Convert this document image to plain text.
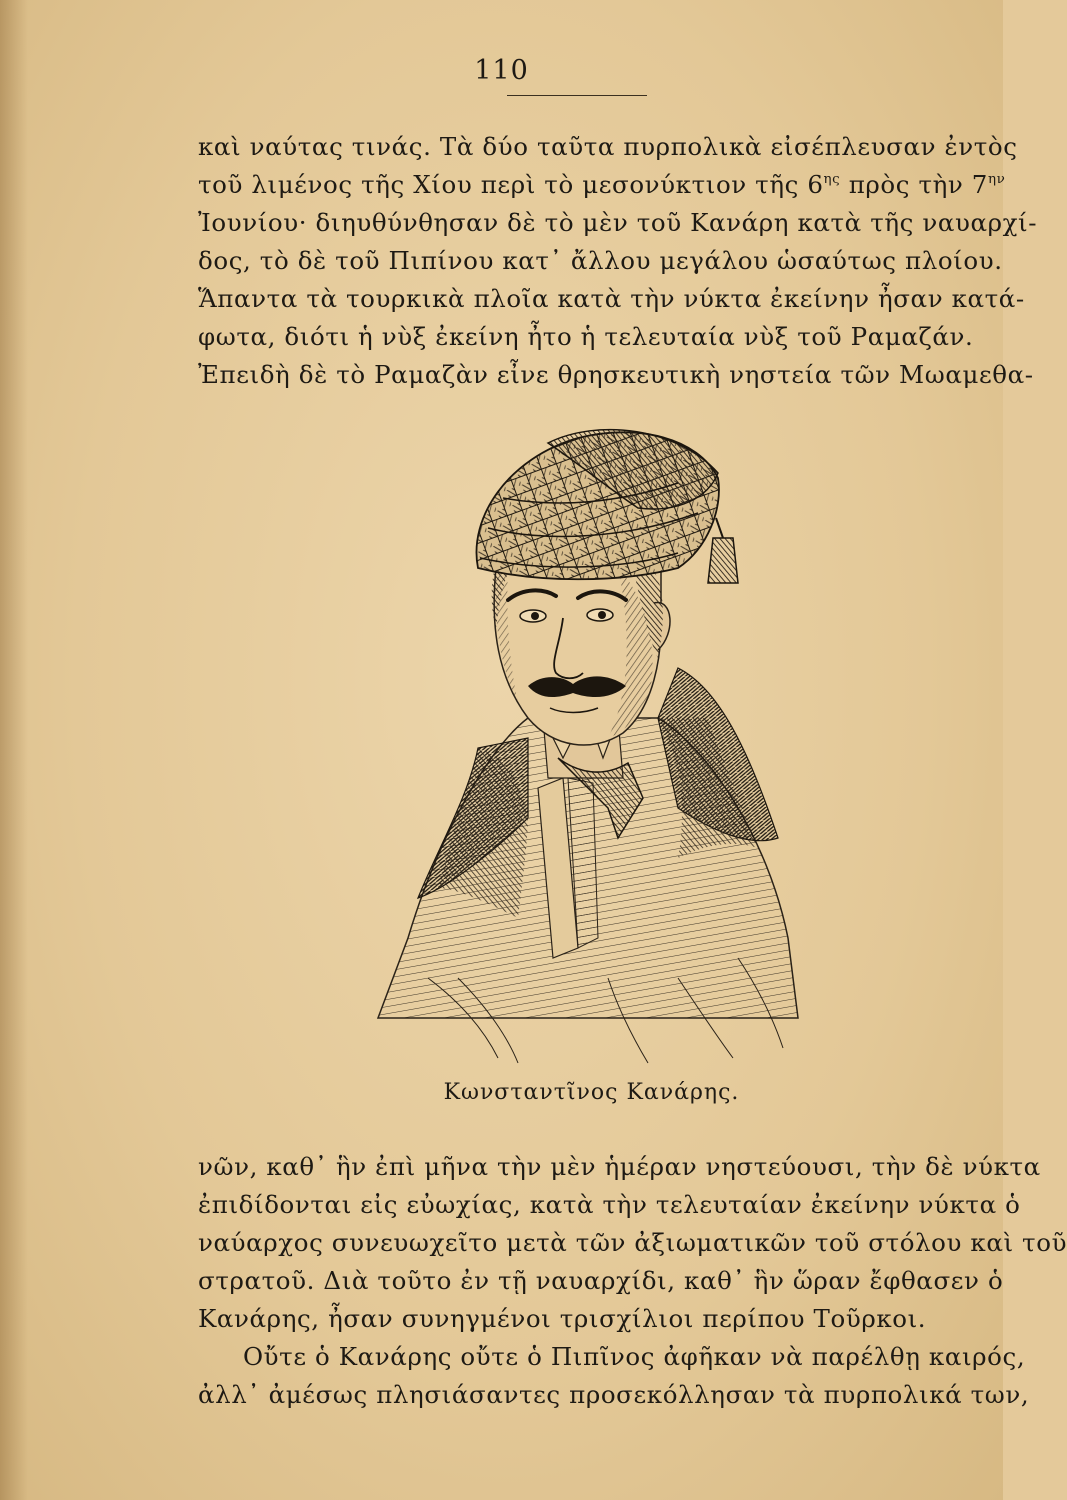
110
καὶ ναύτας τινάς. Τὰ δύο ταῦτα πυρπολικὰ εἰσέπλευσαν ἐντὸς
τοῦ λιμένος τῆς Χίου περὶ τὸ μεσονύκτιον τῆς $6^{\eta\varsigma}$ πρὸς τὴν $7^{\eta\nu}$
Ἰουνίου· διηυθύνθησαν δὲ τὸ μὲν τοῦ Κανάρη κατὰ τῆς ναυαρχί-
δος, τὸ δὲ τοῦ Πιπίνου κατ᾽ ἄλλου μεγάλου ὡσαύτως πλοίου.
Ἅπαντα τὰ τουρκικὰ πλοῖα κατὰ τὴν νύκτα ἐκείνην ἦσαν κατά-
φωτα, διότι ἡ νὺξ ἐκείνη ἦτο ἡ τελευταία νὺξ τοῦ Ραμαζάν.
Ἐπειδὴ δὲ τὸ Ραμαζὰν εἶνε θρησκευτικὴ νηστεία τῶν Μωαμεθα-
Κωνσταντῖνος Κανάρης.
νῶν, καθ᾽ ἣν ἐπὶ μῆνα τὴν μὲν ἡμέραν νηστεύουσι, τὴν δὲ νύκτα
ἐπιδίδονται εἰς εὐωχίας, κατὰ τὴν τελευταίαν ἐκείνην νύκτα ὁ
ναύαρχος συνευωχεῖτο μετὰ τῶν ἀξιωματικῶν τοῦ στόλου καὶ τοῦ
στρατοῦ. Διὰ τοῦτο ἐν τῇ ναυαρχίδι, καθ᾽ ἣν ὥραν ἔφθασεν ὁ
Κανάρης, ἦσαν συνηγμένοι τρισχίλιοι περίπου Τοῦρκοι.
Οὔτε ὁ Κανάρης οὔτε ὁ Πιπῖνος ἀφῆκαν νὰ παρέλθῃ καιρός,
ἀλλ᾽ ἀμέσως πλησιάσαντες προσεκόλλησαν τὰ πυρπολικά των,
